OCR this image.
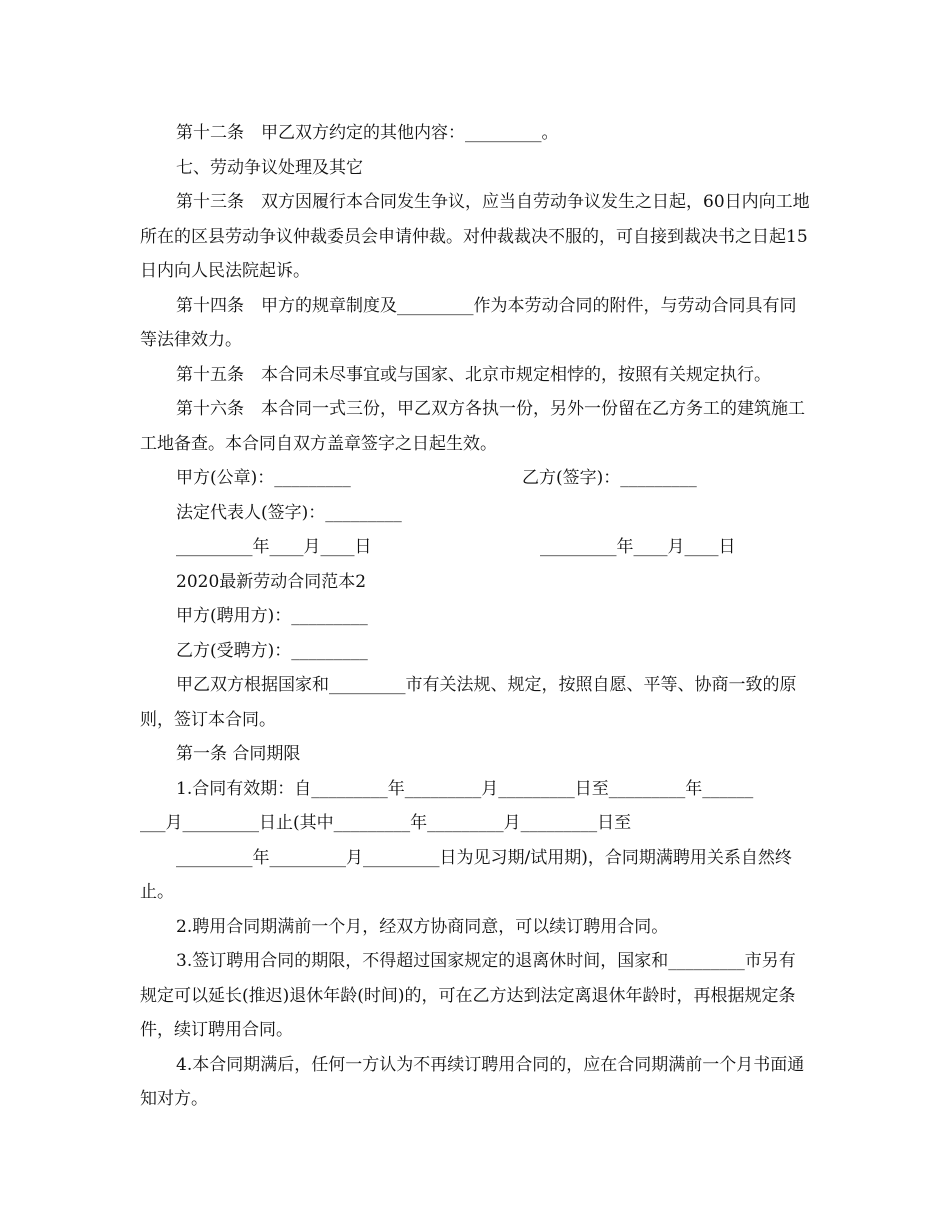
第十二条　甲乙双方约定的其他内容：_________。

七、劳动争议处理及其它

第十三条　双方因履行本合同发生争议，应当自劳动争议发生之日起，60日内向工地所在的区县劳动争议仲裁委员会申请仲裁。对仲裁裁决不服的，可自接到裁决书之日起15日内向人民法院起诉。

第十四条　甲方的规章制度及_________作为本劳动合同的附件，与劳动合同具有同等法律效力。

第十五条　本合同未尽事宜或与国家、北京市规定相悖的，按照有关规定执行。

第十六条　本合同一式三份，甲乙双方各执一份，另外一份留在乙方务工的建筑施工工地备查。本合同自双方盖章签字之日起生效。

甲方(公章)：_________	乙方(签字)：_________
法定代表人(签字)：_________
_________年____月____日	_________年____月____日

2020最新劳动合同范本2

甲方(聘用方)：_________

乙方(受聘方)：_________

甲乙双方根据国家和_________市有关法规、规定，按照自愿、平等、协商一致的原则，签订本合同。

第一条 合同期限

1.合同有效期：自_________年_________月_________日至_________年______

___月_________日止(其中_________年_________月_________日至

_________年_________月_________日为见习期/试用期)，合同期满聘用关系自然终止。

2.聘用合同期满前一个月，经双方协商同意，可以续订聘用合同。

3.签订聘用合同的期限，不得超过国家规定的退离休时间，国家和_________市另有规定可以延长(推迟)退休年龄(时间)的，可在乙方达到法定离退休年龄时，再根据规定条件，续订聘用合同。

4.本合同期满后，任何一方认为不再续订聘用合同的，应在合同期满前一个月书面通知对方。
